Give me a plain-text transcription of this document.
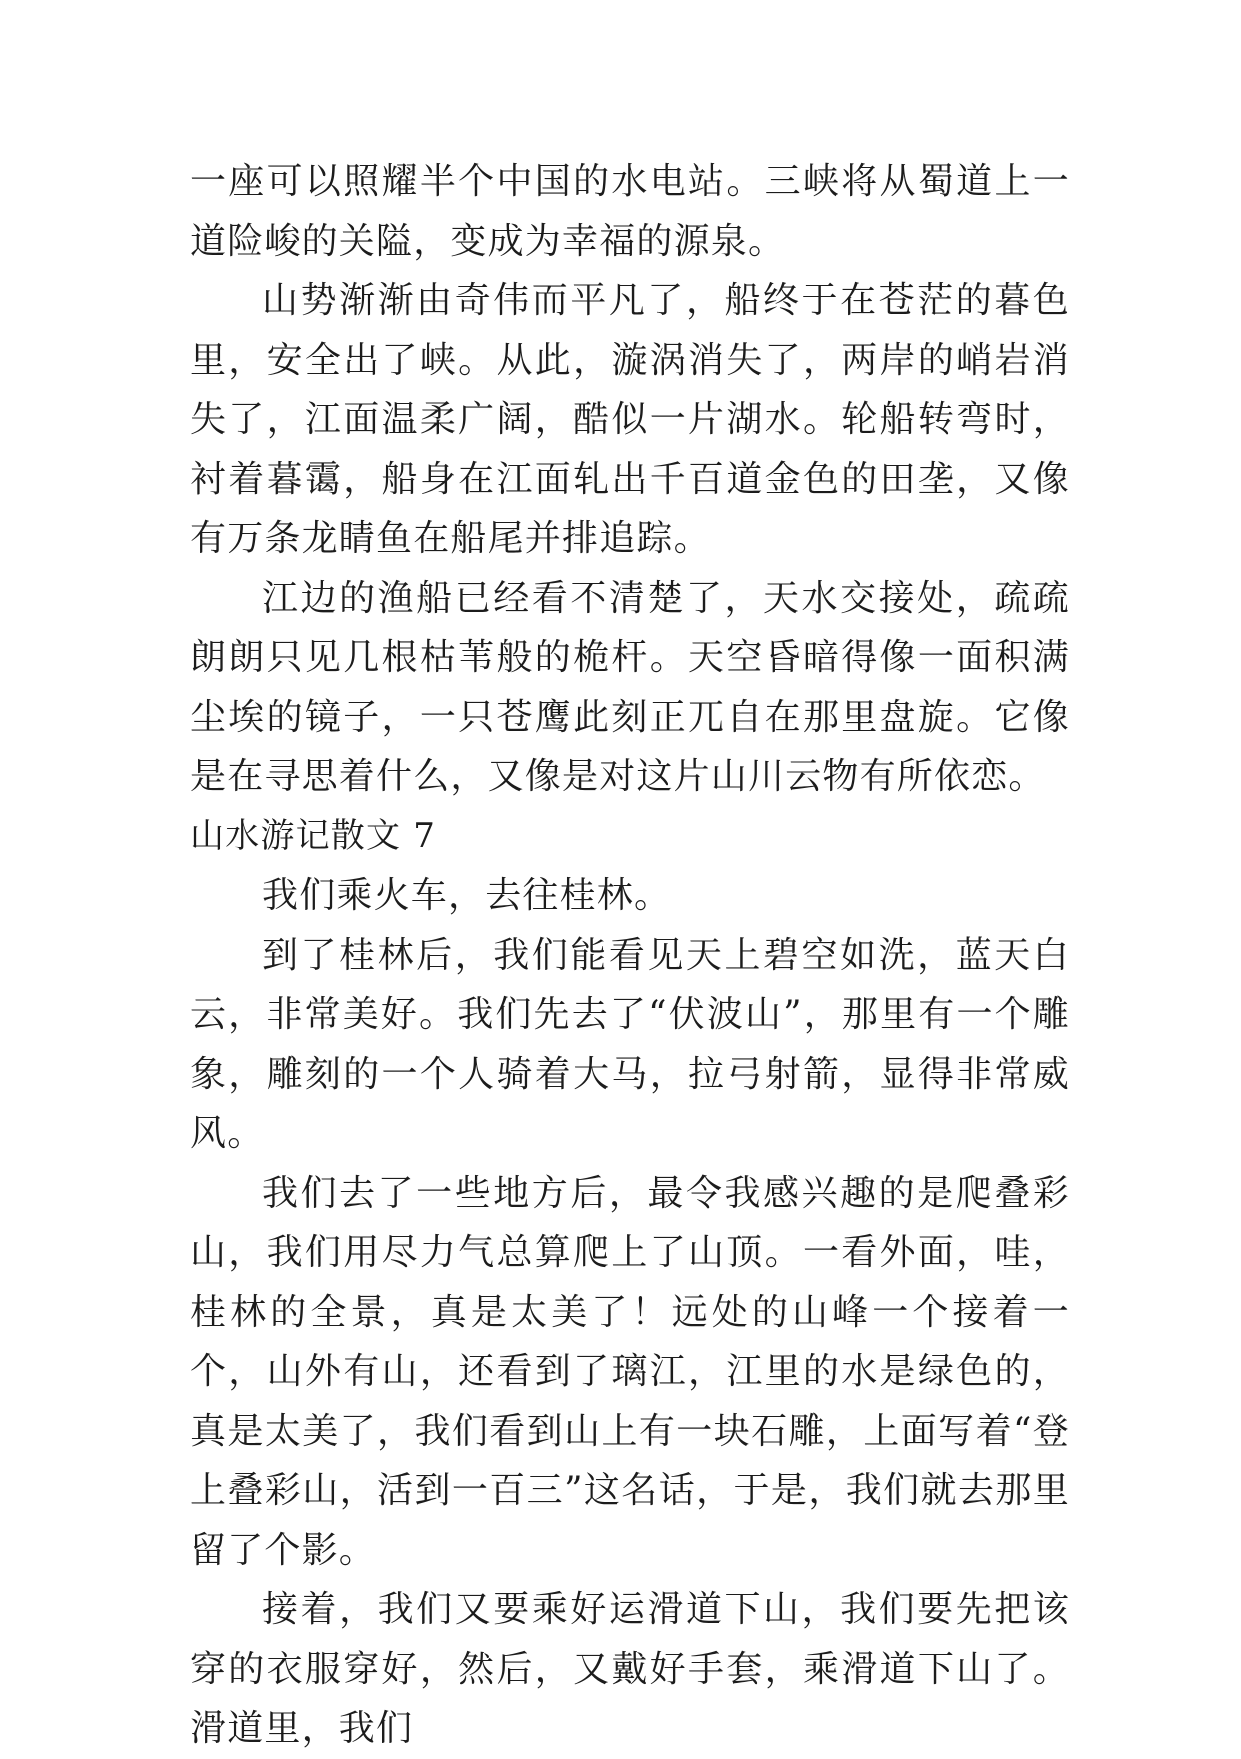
一座可以照耀半个中国的水电站。三峡将从蜀道上一道险峻的关隘，变成为幸福的源泉。

山势渐渐由奇伟而平凡了，船终于在苍茫的暮色里，安全出了峡。从此，漩涡消失了，两岸的峭岩消失了，江面温柔广阔，酷似一片湖水。轮船转弯时，衬着暮霭，船身在江面轧出千百道金色的田垄，又像有万条龙睛鱼在船尾并排追踪。

江边的渔船已经看不清楚了，天水交接处，疏疏朗朗只见几根枯苇般的桅杆。天空昏暗得像一面积满尘埃的镜子，一只苍鹰此刻正兀自在那里盘旋。它像是在寻思着什么，又像是对这片山川云物有所依恋。

山水游记散文 7

我们乘火车，去往桂林。

到了桂林后，我们能看见天上碧空如洗，蓝天白云，非常美好。我们先去了“伏波山”，那里有一个雕象，雕刻的一个人骑着大马，拉弓射箭，显得非常威风。

我们去了一些地方后，最令我感兴趣的是爬叠彩山，我们用尽力气总算爬上了山顶。一看外面，哇，桂林的全景，真是太美了！远处的山峰一个接着一个，山外有山，还看到了璃江，江里的水是绿色的，真是太美了，我们看到山上有一块石雕，上面写着“登上叠彩山，活到一百三”这名话，于是，我们就去那里留了个影。

接着，我们又要乘好运滑道下山，我们要先把该穿的衣服穿好，然后，又戴好手套，乘滑道下山了。滑道里，我们
